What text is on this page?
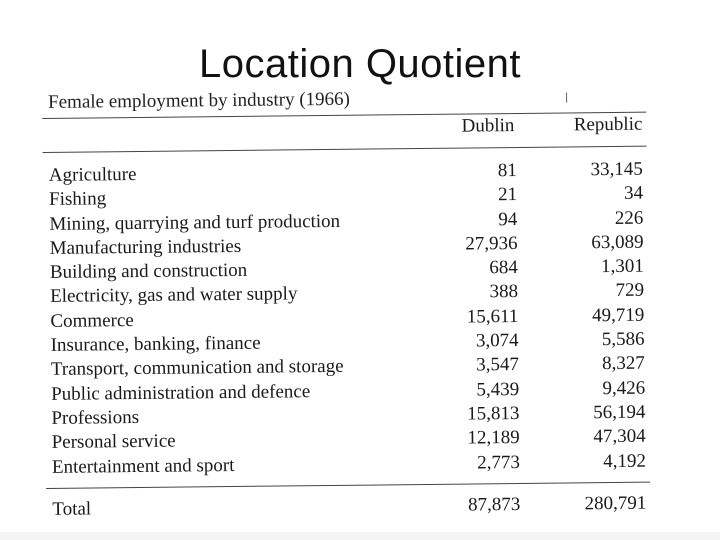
Location Quotient
Female employment by industry (1966)
Dublin	Republic
Agriculture	81	33,145
Fishing	21	34
Mining, quarrying and turf production	94	226
Manufacturing industries	27,936	63,089
Building and construction	684	1,301
Electricity, gas and water supply	388	729
Commerce	15,611	49,719
Insurance, banking, finance	3,074	5,586
Transport, communication and storage	3,547	8,327
Public administration and defence	5,439	9,426
Professions	15,813	56,194
Personal service	12,189	47,304
Entertainment and sport	2,773	4,192
Total	87,873	280,791
